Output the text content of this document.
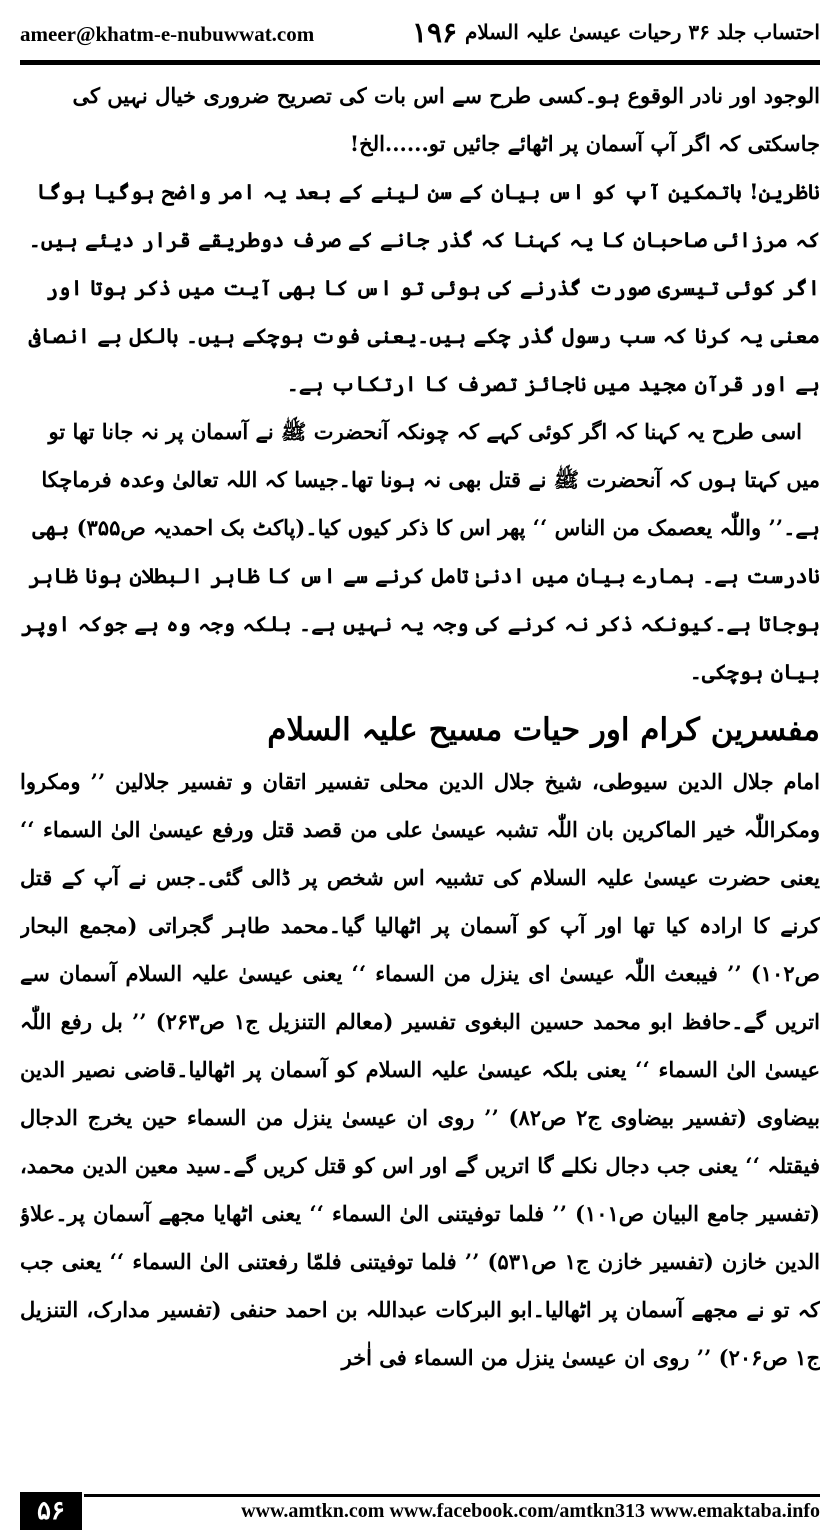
ameer@khatm-e-nubuwwat.com	۱۹۶ احتساب جلد ۳۶ رحیات عیسیٰ علیہ السلام

الوجود اور نادر الوقوع ہو۔کسی طرح سے اس بات کی تصریح ضروری خیال نہیں کی جاسکتی کہ اگر آپ آسمان پر اٹھائے جائیں تو......الخ!

ناظرین! باتمکین آپ کو اس بیان کے سن لینے کے بعد یہ امر واضح ہوگیا ہوگا کہ مرزائی صاحبان کا یہ کہنا کہ گذر جانے کے صرف دوطریقے قرار دیئے ہیں۔ اگر کوئی تیسری صورت گذرنے کی ہوئی تو اس کا بھی آیت میں ذکر ہوتا اور معنی یہ کرنا کہ سب رسول گذر چکے ہیں۔یعنی فوت ہوچکے ہیں۔ بالکل بے انصافی ہے اور قرآن مجید میں ناجائز تصرف کا ارتکاب ہے۔

اسی طرح یہ کہنا کہ اگر کوئی کہے کہ چونکہ آنحضرت ﷺ نے آسمان پر نہ جانا تھا تو میں کہتا ہوں کہ آنحضرت ﷺ نے قتل بھی نہ ہونا تھا۔جیسا کہ اللہ تعالیٰ وعدہ فرماچکا ہے۔’’ واللّٰہ یعصمک من الناس ‘‘ پھر اس کا ذکر کیوں کیا۔(پاکٹ بک احمدیہ ص۳۵۵) بھی نادرست ہے۔ ہمارے بیان میں ادنیٰ تامل کرنے سے اس کا ظاہر البطلان ہونا ظاہر ہوجاتا ہے۔کیونکہ ذکر نہ کرنے کی وجہ یہ نہیں ہے۔ بلکہ وجہ وہ ہے جوکہ اوپر بیان ہوچکی۔

مفسرین کرام اور حیات مسیح علیہ السلام

امام جلال الدین سیوطی، شیخ جلال الدین محلی تفسیر اتقان و تفسیر جلالین ’’ ومکروا ومکراللّٰہ خیر الماکرین بان اللّٰہ تشبہ عیسیٰ علی من قصد قتل ورفع عیسیٰ الیٰ السماء ‘‘ یعنی حضرت عیسیٰ علیہ السلام کی تشبیہ اس شخص پر ڈالی گئی۔جس نے آپ کے قتل کرنے کا ارادہ کیا تھا اور آپ کو آسمان پر اٹھالیا گیا۔محمد طاہر گجراتی (مجمع البحار ص۱۰۲) ’’ فیبعث اللّٰہ عیسیٰ ای ینزل من السماء ‘‘ یعنی عیسیٰ علیہ السلام آسمان سے اتریں گے۔حافظ ابو محمد حسین البغوی تفسیر (معالم التنزیل ج۱ ص۲۶۳) ’’ بل رفع اللّٰہ عیسیٰ الیٰ السماء ‘‘ یعنی بلکہ عیسیٰ علیہ السلام کو آسمان پر اٹھالیا۔قاضی نصیر الدین بیضاوی (تفسیر بیضاوی ج۲ ص۸۲) ’’ روی ان عیسیٰ ینزل من السماء حین یخرج الدجال فیقتلہ ‘‘ یعنی جب دجال نکلے گا اتریں گے اور اس کو قتل کریں گے۔سید معین الدین محمد، (تفسیر جامع البیان ص۱۰۱) ’’ فلما توفیتنی الیٰ السماء ‘‘ یعنی اٹھایا مجھے آسمان پر۔علاؤ الدین خازن (تفسیر خازن ج۱ ص۵۳۱) ’’ فلما توفیتنی فلمّا رفعتنی الیٰ السماء ‘‘ یعنی جب کہ تو نے مجھے آسمان پر اٹھالیا۔ابو البرکات عبداللہ بن احمد حنفی (تفسیر مدارک، التنزیل ج۱ ص۲۰۶) ’’ روی ان عیسیٰ ینزل من السماء فی اٰخر

۵۶	www.amtkn.com www.facebook.com/amtkn313 www.emaktaba.info
